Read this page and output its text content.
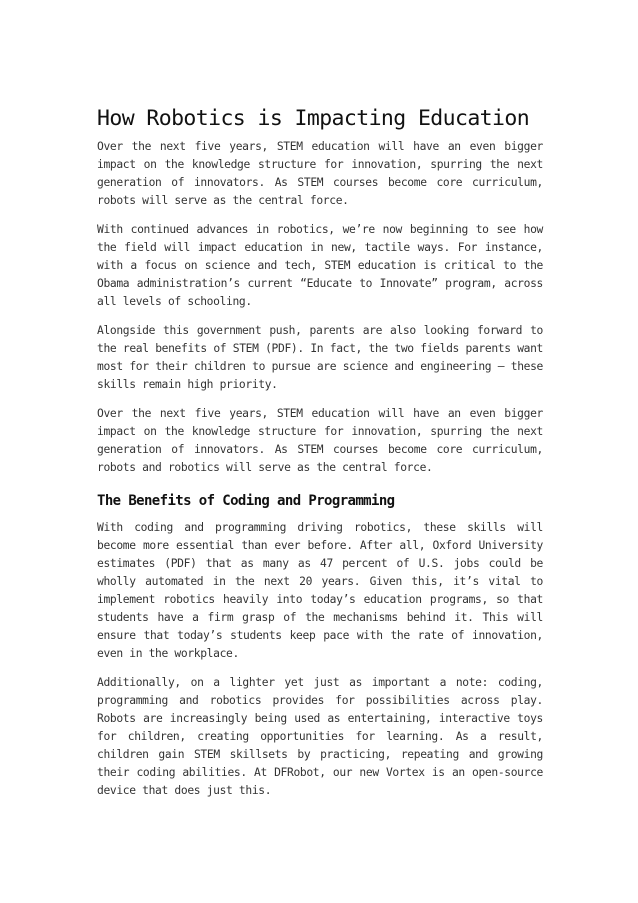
How Robotics is Impacting Education

Over the next five years, STEM education will have an even bigger impact on the knowledge structure for innovation, spurring the next generation of innovators. As STEM courses become core curriculum, robots will serve as the central force.

With continued advances in robotics, we’re now beginning to see how the field will impact education in new, tactile ways. For instance, with a focus on science and tech, STEM education is critical to the Obama administration’s current “Educate to Innovate” program, across all levels of schooling.

Alongside this government push, parents are also looking forward to the real benefits of STEM (PDF). In fact, the two fields parents want most for their children to pursue are science and engineering – these skills remain high priority.

Over the next five years, STEM education will have an even bigger impact on the knowledge structure for innovation, spurring the next generation of innovators. As STEM courses become core curriculum, robots and robotics will serve as the central force.

The Benefits of Coding and Programming

With coding and programming driving robotics, these skills will become more essential than ever before. After all, Oxford University estimates (PDF) that as many as 47 percent of U.S. jobs could be wholly automated in the next 20 years. Given this, it’s vital to implement robotics heavily into today’s education programs, so that students have a firm grasp of the mechanisms behind it. This will ensure that today’s students keep pace with the rate of innovation, even in the workplace.

Additionally, on a lighter yet just as important a note: coding, programming and robotics provides for possibilities across play. Robots are increasingly being used as entertaining, interactive toys for children, creating opportunities for learning. As a result, children gain STEM skillsets by practicing, repeating and growing their coding abilities. At DFRobot, our new Vortex is an open-source device that does just this.
